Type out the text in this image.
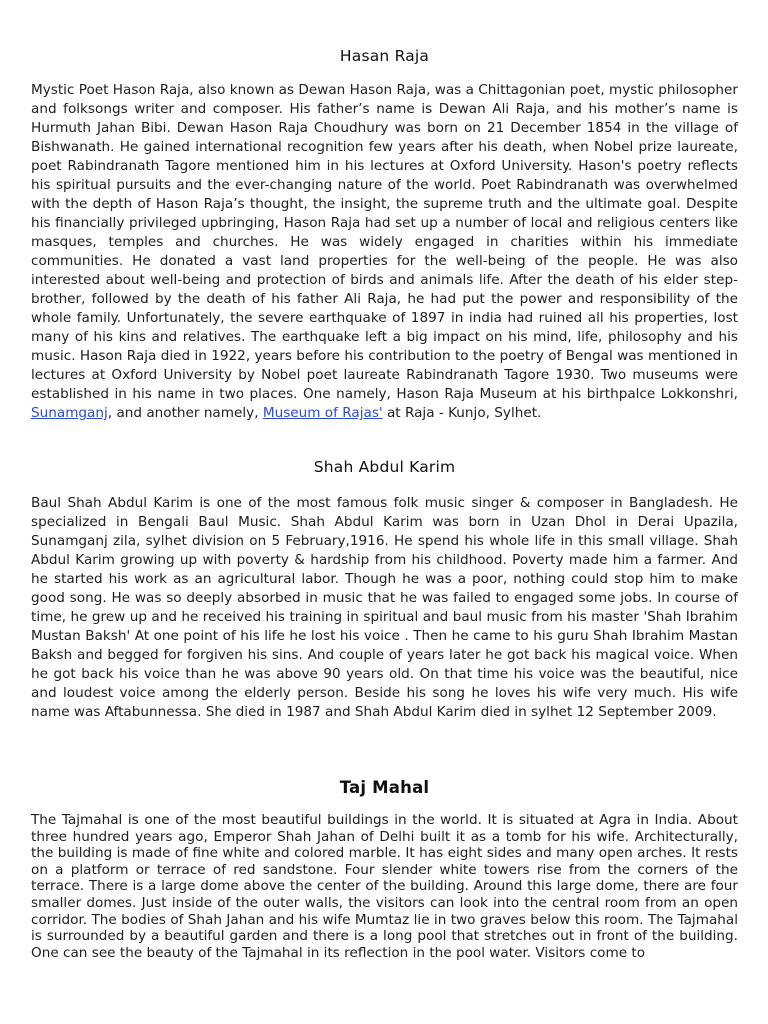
Hasan Raja

Mystic Poet Hason Raja, also known as Dewan Hason Raja, was a Chittagonian poet, mystic philosopher and folksongs writer and composer. His father’s name is Dewan Ali Raja, and his mother’s name is Hurmuth Jahan Bibi. Dewan Hason Raja Choudhury was born on 21 December 1854 in the village of Bishwanath. He gained international recognition few years after his death, when Nobel prize laureate, poet Rabindranath Tagore mentioned him in his lectures at Oxford University. Hason's poetry reflects his spiritual pursuits and the ever-changing nature of the world. Poet Rabindranath was overwhelmed with the depth of Hason Raja’s thought, the insight, the supreme truth and the ultimate goal. Despite his financially privileged upbringing, Hason Raja had set up a number of local and religious centers like masques, temples and churches. He was widely engaged in charities within his immediate communities. He donated a vast land properties for the well-being of the people. He was also interested about well-being and protection of birds and animals life. After the death of his elder step-brother, followed by the death of his father Ali Raja, he had put the power and responsibility of the whole family. Unfortunately, the severe earthquake of 1897 in india had ruined all his properties, lost many of his kins and relatives. The earthquake left a big impact on his mind, life, philosophy and his music. Hason Raja died in 1922, years before his contribution to the poetry of Bengal was mentioned in lectures at Oxford University by Nobel poet laureate Rabindranath Tagore 1930. Two museums were established in his name in two places. One namely, Hason Raja Museum at his birthpalce Lokkonshri, Sunamganj, and another namely, Museum of Rajas' at Raja - Kunjo, Sylhet.

Shah Abdul Karim

Baul Shah Abdul Karim is one of the most famous folk music singer & composer in Bangladesh. He specialized in Bengali Baul Music. Shah Abdul Karim was born in Uzan Dhol in Derai Upazila, Sunamganj zila, sylhet division on 5 February,1916. He spend his whole life in this small village. Shah Abdul Karim growing up with poverty & hardship from his childhood. Poverty made him a farmer. And he started his work as an agricultural labor. Though he was a poor, nothing could stop him to make good song. He was so deeply absorbed in music that he was failed to engaged some jobs. In course of time, he grew up and he received his training in spiritual and baul music from his master 'Shah Ibrahim Mustan Baksh' At one point of his life he lost his voice . Then he came to his guru Shah Ibrahim Mastan Baksh and begged for forgiven his sins. And couple of years later he got back his magical voice. When he got back his voice than he was above 90 years old. On that time his voice was the beautiful, nice and loudest voice among the elderly person. Beside his song he loves his wife very much. His wife name was Aftabunnessa. She died in 1987 and Shah Abdul Karim died in sylhet 12 September 2009.

Taj Mahal

The Tajmahal is one of the most beautiful buildings in the world. It is situated at Agra in India. About three hundred years ago, Emperor Shah Jahan of Delhi built it as a tomb for his wife. Architecturally, the building is made of fine white and colored marble. It has eight sides and many open arches. It rests on a platform or terrace of red sandstone. Four slender white towers rise from the corners of the terrace. There is a large dome above the center of the building. Around this large dome, there are four smaller domes. Just inside of the outer walls, the visitors can look into the central room from an open corridor. The bodies of Shah Jahan and his wife Mumtaz lie in two graves below this room. The Tajmahal is surrounded by a beautiful garden and there is a long pool that stretches out in front of the building. One can see the beauty of the Tajmahal in its reflection in the pool water. Visitors come to
